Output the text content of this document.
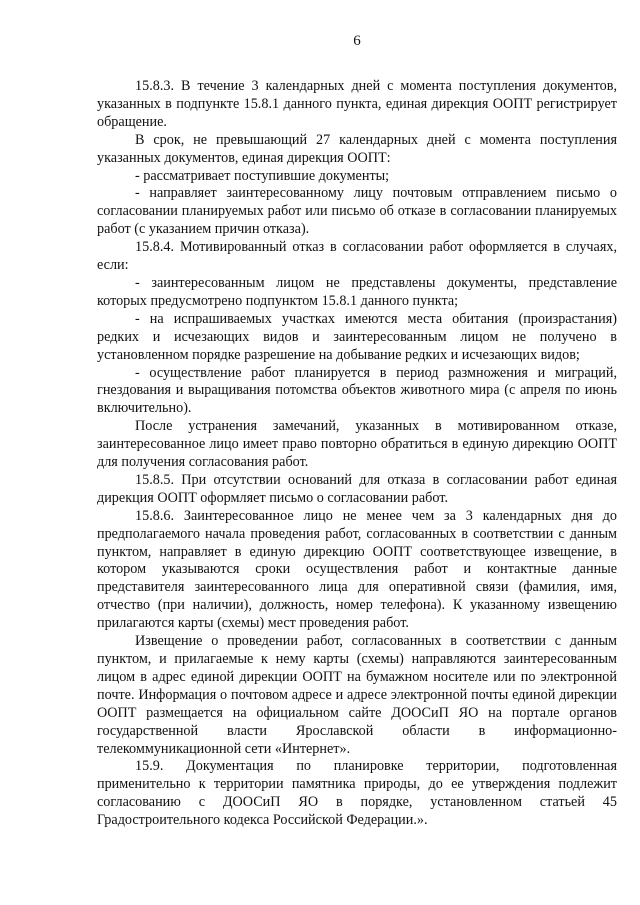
6

15.8.3. В течение 3 календарных дней с момента поступления документов, указанных в подпункте 15.8.1 данного пункта, единая дирекция ООПТ регистрирует обращение.

В срок, не превышающий 27 календарных дней с момента поступления указанных документов, единая дирекция ООПТ:

- рассматривает поступившие документы;

- направляет заинтересованному лицу почтовым отправлением письмо о согласовании планируемых работ или письмо об отказе в согласовании планируемых работ (с указанием причин отказа).

15.8.4. Мотивированный отказ в согласовании работ оформляется в случаях, если:

- заинтересованным лицом не представлены документы, представление которых предусмотрено подпунктом 15.8.1 данного пункта;

- на испрашиваемых участках имеются места обитания (произрастания) редких и исчезающих видов и заинтересованным лицом не получено в установленном порядке разрешение на добывание редких и исчезающих видов;

- осуществление работ планируется в период размножения и миграций, гнездования и выращивания потомства объектов животного мира (с апреля по июнь включительно).

После устранения замечаний, указанных в мотивированном отказе, заинтересованное лицо имеет право повторно обратиться в единую дирекцию ООПТ для получения согласования работ.

15.8.5. При отсутствии оснований для отказа в согласовании работ единая дирекция ООПТ оформляет письмо о согласовании работ.

15.8.6. Заинтересованное лицо не менее чем за 3 календарных дня до предполагаемого начала проведения работ, согласованных в соответствии с данным пунктом, направляет в единую дирекцию ООПТ соответствующее извещение, в котором указываются сроки осуществления работ и контактные данные представителя заинтересованного лица для оперативной связи (фамилия, имя, отчество (при наличии), должность, номер телефона). К указанному извещению прилагаются карты (схемы) мест проведения работ.

Извещение о проведении работ, согласованных в соответствии с данным пунктом, и прилагаемые к нему карты (схемы) направляются заинтересованным лицом в адрес единой дирекции ООПТ на бумажном носителе или по электронной почте. Информация о почтовом адресе и адресе электронной почты единой дирекции ООПТ размещается на официальном сайте ДООСиП ЯО на портале органов государственной власти Ярославской области в информационно-телекоммуникационной сети «Интернет».

15.9. Документация по планировке территории, подготовленная применительно к территории памятника природы, до ее утверждения подлежит согласованию с ДООСиП ЯО в порядке, установленном статьей 45 Градостроительного кодекса Российской Федерации.».
